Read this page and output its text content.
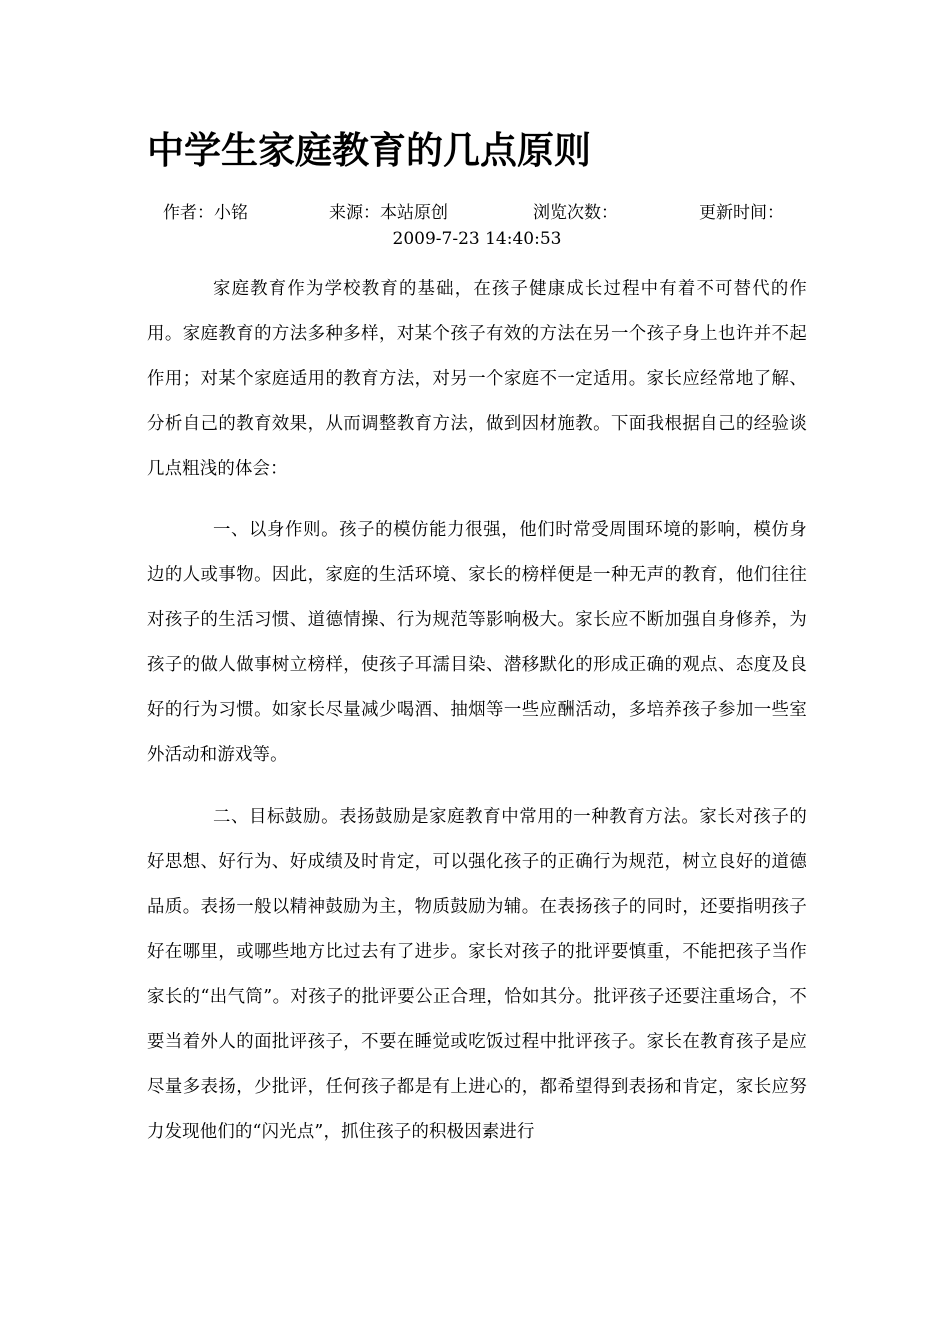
中学生家庭教育的几点原则
作者：小铭	来源：本站原创	浏览次数：	更新时间：
2009-7-23 14:40:53

家庭教育作为学校教育的基础，在孩子健康成长过程中有着不可替代的作用。家庭教育的方法多种多样，对某个孩子有效的方法在另一个孩子身上也许并不起作用；对某个家庭适用的教育方法，对另一个家庭不一定适用。家长应经常地了解、分析自己的教育效果，从而调整教育方法，做到因材施教。下面我根据自己的经验谈几点粗浅的体会：

一、以身作则。孩子的模仿能力很强，他们时常受周围环境的影响，模仿身边的人或事物。因此，家庭的生活环境、家长的榜样便是一种无声的教育，他们往往对孩子的生活习惯、道德情操、行为规范等影响极大。家长应不断加强自身修养，为孩子的做人做事树立榜样，使孩子耳濡目染、潜移默化的形成正确的观点、态度及良好的行为习惯。如家长尽量减少喝酒、抽烟等一些应酬活动，多培养孩子参加一些室外活动和游戏等。

二、目标鼓励。表扬鼓励是家庭教育中常用的一种教育方法。家长对孩子的好思想、好行为、好成绩及时肯定，可以强化孩子的正确行为规范，树立良好的道德品质。表扬一般以精神鼓励为主，物质鼓励为辅。在表扬孩子的同时，还要指明孩子好在哪里，或哪些地方比过去有了进步。家长对孩子的批评要慎重，不能把孩子当作家长的“出气筒”。对孩子的批评要公正合理，恰如其分。批评孩子还要注重场合，不要当着外人的面批评孩子，不要在睡觉或吃饭过程中批评孩子。家长在教育孩子是应尽量多表扬，少批评，任何孩子都是有上进心的，都希望得到表扬和肯定，家长应努力发现他们的“闪光点”，抓住孩子的积极因素进行
